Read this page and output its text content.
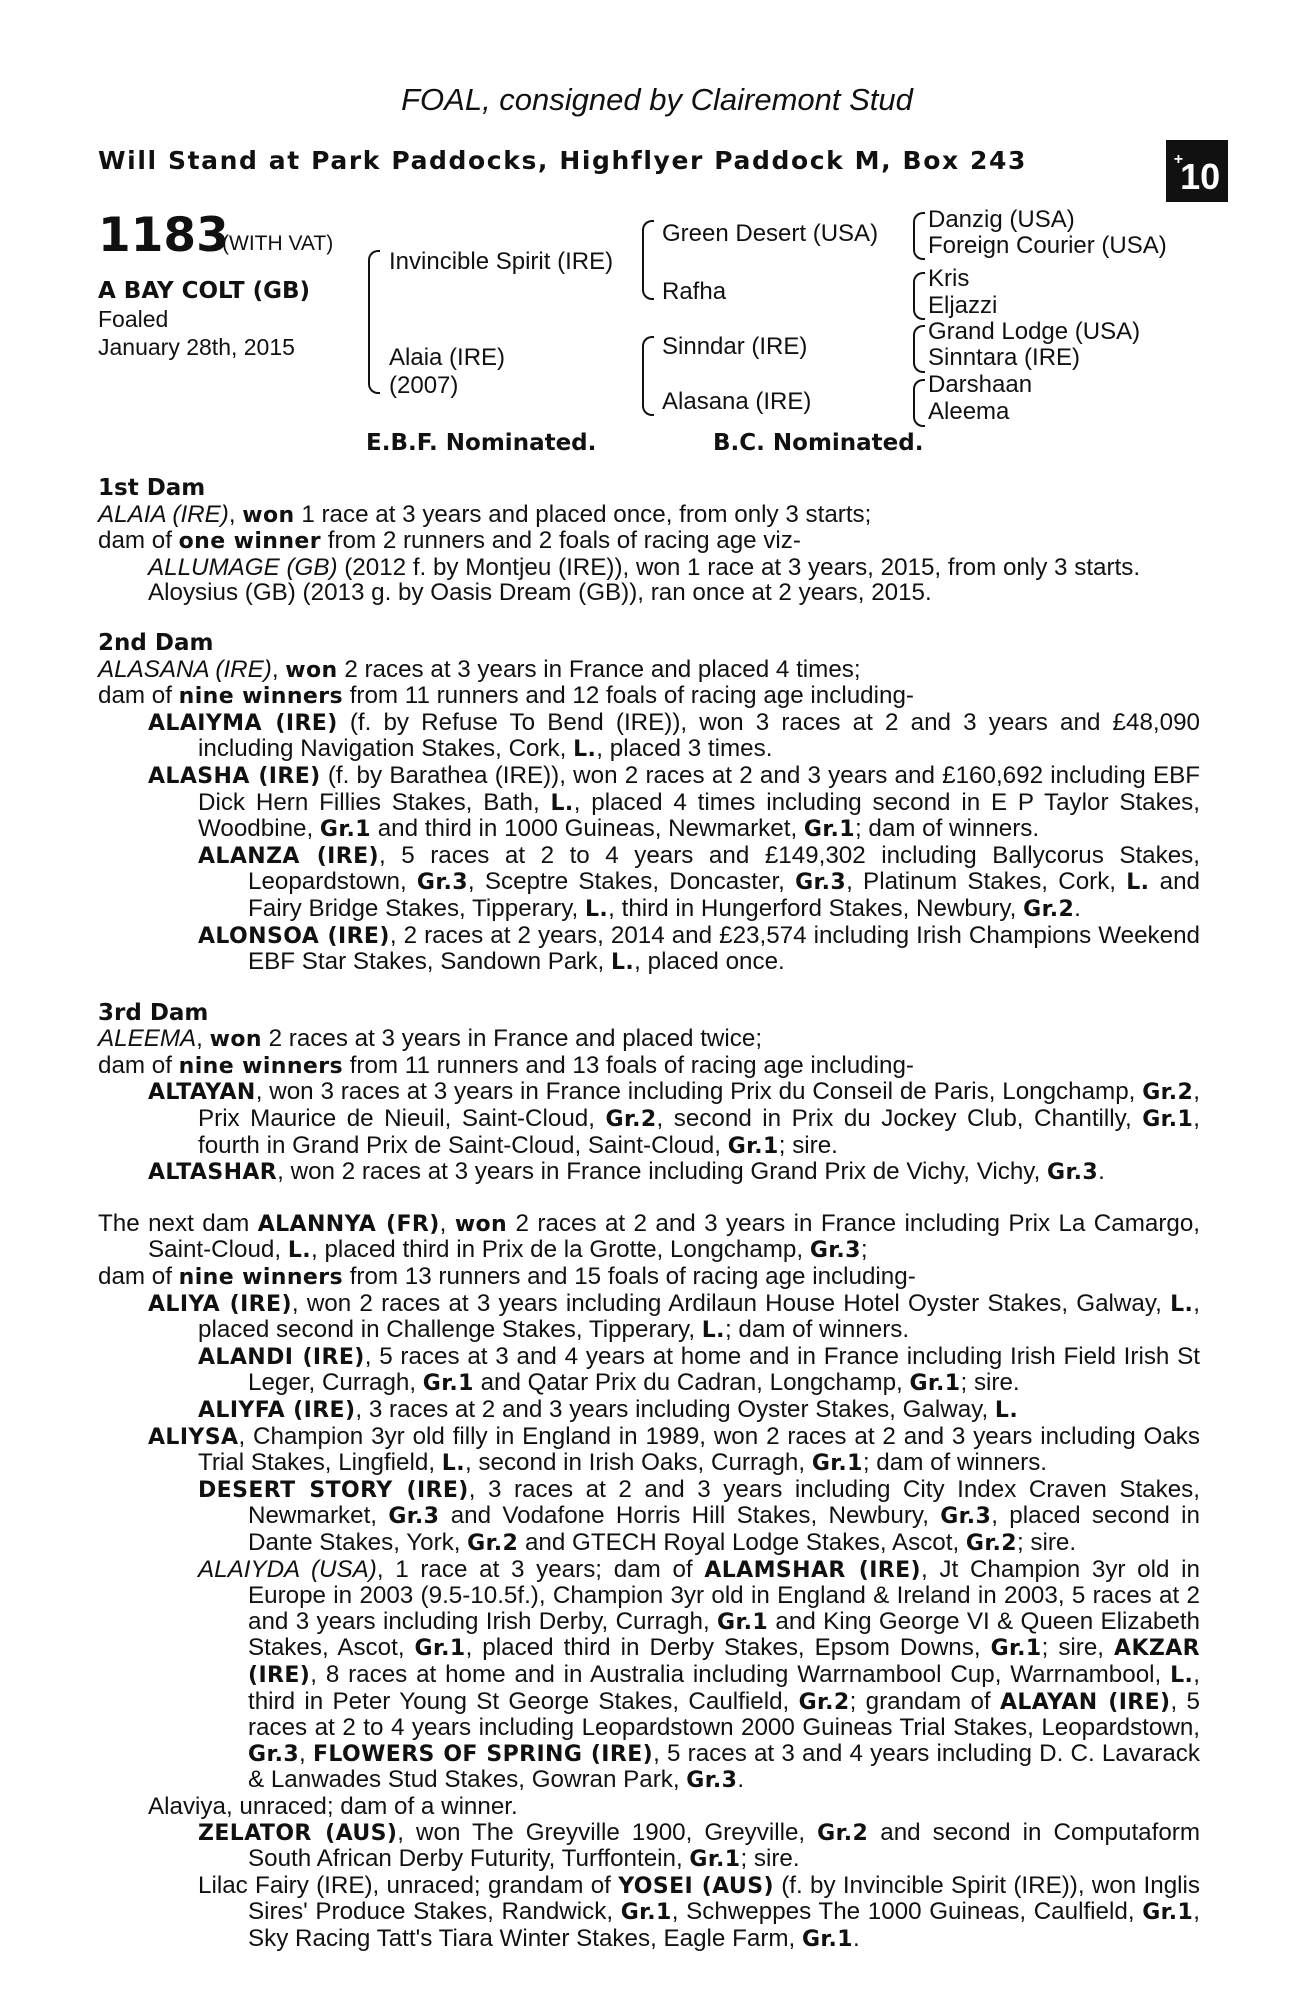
FOAL, consigned by Clairemont Stud
Will Stand at Park Paddocks, Highflyer Paddock M, Box 243	+10
1183
(WITH VAT)
A BAY COLT (GB)
Foaled
January 28th, 2015
Invincible Spirit (IRE)
Alaia (IRE)
(2007)
Green Desert (USA)
Rafha
Sinndar (IRE)
Alasana (IRE)
Danzig (USA)
Foreign Courier (USA)
Kris
Eljazzi
Grand Lodge (USA)
Sinntara (IRE)
Darshaan
Aleema
E.B.F. Nominated.	B.C. Nominated.
1st Dam

ALAIA (IRE), won 1 race at 3 years and placed once, from only 3 starts;

dam of one winner from 2 runners and 2 foals of racing age viz-

ALLUMAGE (GB) (2012 f. by Montjeu (IRE)), won 1 race at 3 years, 2015, from only 3 starts.

Aloysius (GB) (2013 g. by Oasis Dream (GB)), ran once at 2 years, 2015.

2nd Dam

ALASANA (IRE), won 2 races at 3 years in France and placed 4 times;

dam of nine winners from 11 runners and 12 foals of racing age including-

ALAIYMA (IRE) (f. by Refuse To Bend (IRE)), won 3 races at 2 and 3 years and £48,090 including Navigation Stakes, Cork, L., placed 3 times.

ALASHA (IRE) (f. by Barathea (IRE)), won 2 races at 2 and 3 years and £160,692 including EBF Dick Hern Fillies Stakes, Bath, L., placed 4 times including second in E P Taylor Stakes, Woodbine, Gr.1 and third in 1000 Guineas, Newmarket, Gr.1; dam of winners.

ALANZA (IRE), 5 races at 2 to 4 years and £149,302 including Ballycorus Stakes, Leopardstown, Gr.3, Sceptre Stakes, Doncaster, Gr.3, Platinum Stakes, Cork, L. and Fairy Bridge Stakes, Tipperary, L., third in Hungerford Stakes, Newbury, Gr.2.

ALONSOA (IRE), 2 races at 2 years, 2014 and £23,574 including Irish Champions Weekend EBF Star Stakes, Sandown Park, L., placed once.

3rd Dam

ALEEMA, won 2 races at 3 years in France and placed twice;

dam of nine winners from 11 runners and 13 foals of racing age including-

ALTAYAN, won 3 races at 3 years in France including Prix du Conseil de Paris, Longchamp, Gr.2, Prix Maurice de Nieuil, Saint-Cloud, Gr.2, second in Prix du Jockey Club, Chantilly, Gr.1, fourth in Grand Prix de Saint-Cloud, Saint-Cloud, Gr.1; sire.

ALTASHAR, won 2 races at 3 years in France including Grand Prix de Vichy, Vichy, Gr.3.

The next dam ALANNYA (FR), won 2 races at 2 and 3 years in France including Prix La Camargo, Saint-Cloud, L., placed third in Prix de la Grotte, Longchamp, Gr.3;

dam of nine winners from 13 runners and 15 foals of racing age including-

ALIYA (IRE), won 2 races at 3 years including Ardilaun House Hotel Oyster Stakes, Galway, L., placed second in Challenge Stakes, Tipperary, L.; dam of winners.

ALANDI (IRE), 5 races at 3 and 4 years at home and in France including Irish Field Irish St Leger, Curragh, Gr.1 and Qatar Prix du Cadran, Longchamp, Gr.1; sire.

ALIYFA (IRE), 3 races at 2 and 3 years including Oyster Stakes, Galway, L.

ALIYSA, Champion 3yr old filly in England in 1989, won 2 races at 2 and 3 years including Oaks Trial Stakes, Lingfield, L., second in Irish Oaks, Curragh, Gr.1; dam of winners.

DESERT STORY (IRE), 3 races at 2 and 3 years including City Index Craven Stakes, Newmarket, Gr.3 and Vodafone Horris Hill Stakes, Newbury, Gr.3, placed second in Dante Stakes, York, Gr.2 and GTECH Royal Lodge Stakes, Ascot, Gr.2; sire.

ALAIYDA (USA), 1 race at 3 years; dam of ALAMSHAR (IRE), Jt Champion 3yr old in Europe in 2003 (9.5-10.5f.), Champion 3yr old in England & Ireland in 2003, 5 races at 2 and 3 years including Irish Derby, Curragh, Gr.1 and King George VI & Queen Elizabeth Stakes, Ascot, Gr.1, placed third in Derby Stakes, Epsom Downs, Gr.1; sire, AKZAR (IRE), 8 races at home and in Australia including Warrnambool Cup, Warrnambool, L., third in Peter Young St George Stakes, Caulfield, Gr.2; grandam of ALAYAN (IRE), 5 races at 2 to 4 years including Leopardstown 2000 Guineas Trial Stakes, Leopardstown, Gr.3, FLOWERS OF SPRING (IRE), 5 races at 3 and 4 years including D. C. Lavarack & Lanwades Stud Stakes, Gowran Park, Gr.3.

Alaviya, unraced; dam of a winner.

ZELATOR (AUS), won The Greyville 1900, Greyville, Gr.2 and second in Computaform South African Derby Futurity, Turffontein, Gr.1; sire.

Lilac Fairy (IRE), unraced; grandam of YOSEI (AUS) (f. by Invincible Spirit (IRE)), won Inglis Sires' Produce Stakes, Randwick, Gr.1, Schweppes The 1000 Guineas, Caulfield, Gr.1, Sky Racing Tatt's Tiara Winter Stakes, Eagle Farm, Gr.1.
